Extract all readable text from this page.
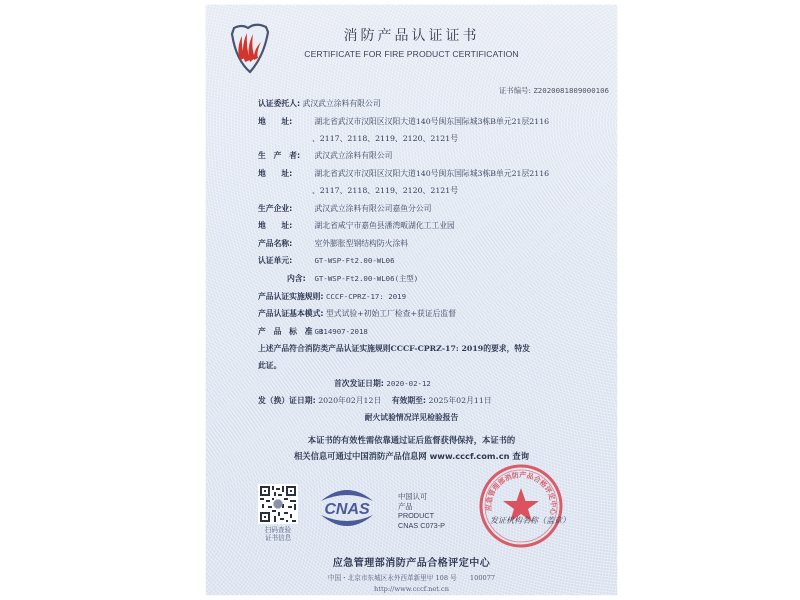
消防产品认证证书
CERTIFICATE FOR FIRE PRODUCT CERTIFICATION
证书编号: Z2020081809000106
认证委托人: 武汉武立涂料有限公司
地　　址:	湖北省武汉市汉阳区汉阳大道140号闽东国际城3栋B单元21层2116
、2117、2118、2119、2120、2121号
生　产　者: 武汉武立涂料有限公司
地　　址:	湖北省武汉市汉阳区汉阳大道140号闽东国际城3栋B单元21层2116
、2117、2118、2119、2120、2121号
生产企业:	武汉武立涂料有限公司嘉鱼分公司
地　　址:	湖北省咸宁市嘉鱼县潘湾畈湖化工工业园
产品名称:	室外膨胀型钢结构防火涂料
认证单元:	GT-WSP-Ft2.00-WL06
内含: GT-WSP-Ft2.00-WL06(主型)
产品认证实施规则: CCCF-CPRZ-17: 2019
产品认证基本模式: 型式试验+初始工厂检查+获证后监督
产　品　标　准　: GB14907-2018
上述产品符合消防类产品认证实施规则CCCF-CPRZ-17: 2019的要求，特发
此证。
首次发证日期: 2020-02-12
发（换）证日期: 2020年02月12日 有效期至: 2025年02月11日
耐火试验情况详见检验报告
本证书的有效性需依靠通过证后监督获得保持，本证书的
相关信息可通过中国消防产品信息网 www.cccf.com.cn 查询
扫码查验
证书信息
CNAS
中国认可
产品
PRODUCT
CNAS C073-P
应急管理部消防产品合格评定中心
发证机构名称（盖章）
应急管理部消防产品合格评定中心
中国・北京市东城区永外西革新里甲 108 号　　100077
http://www.cccf.net.cn
